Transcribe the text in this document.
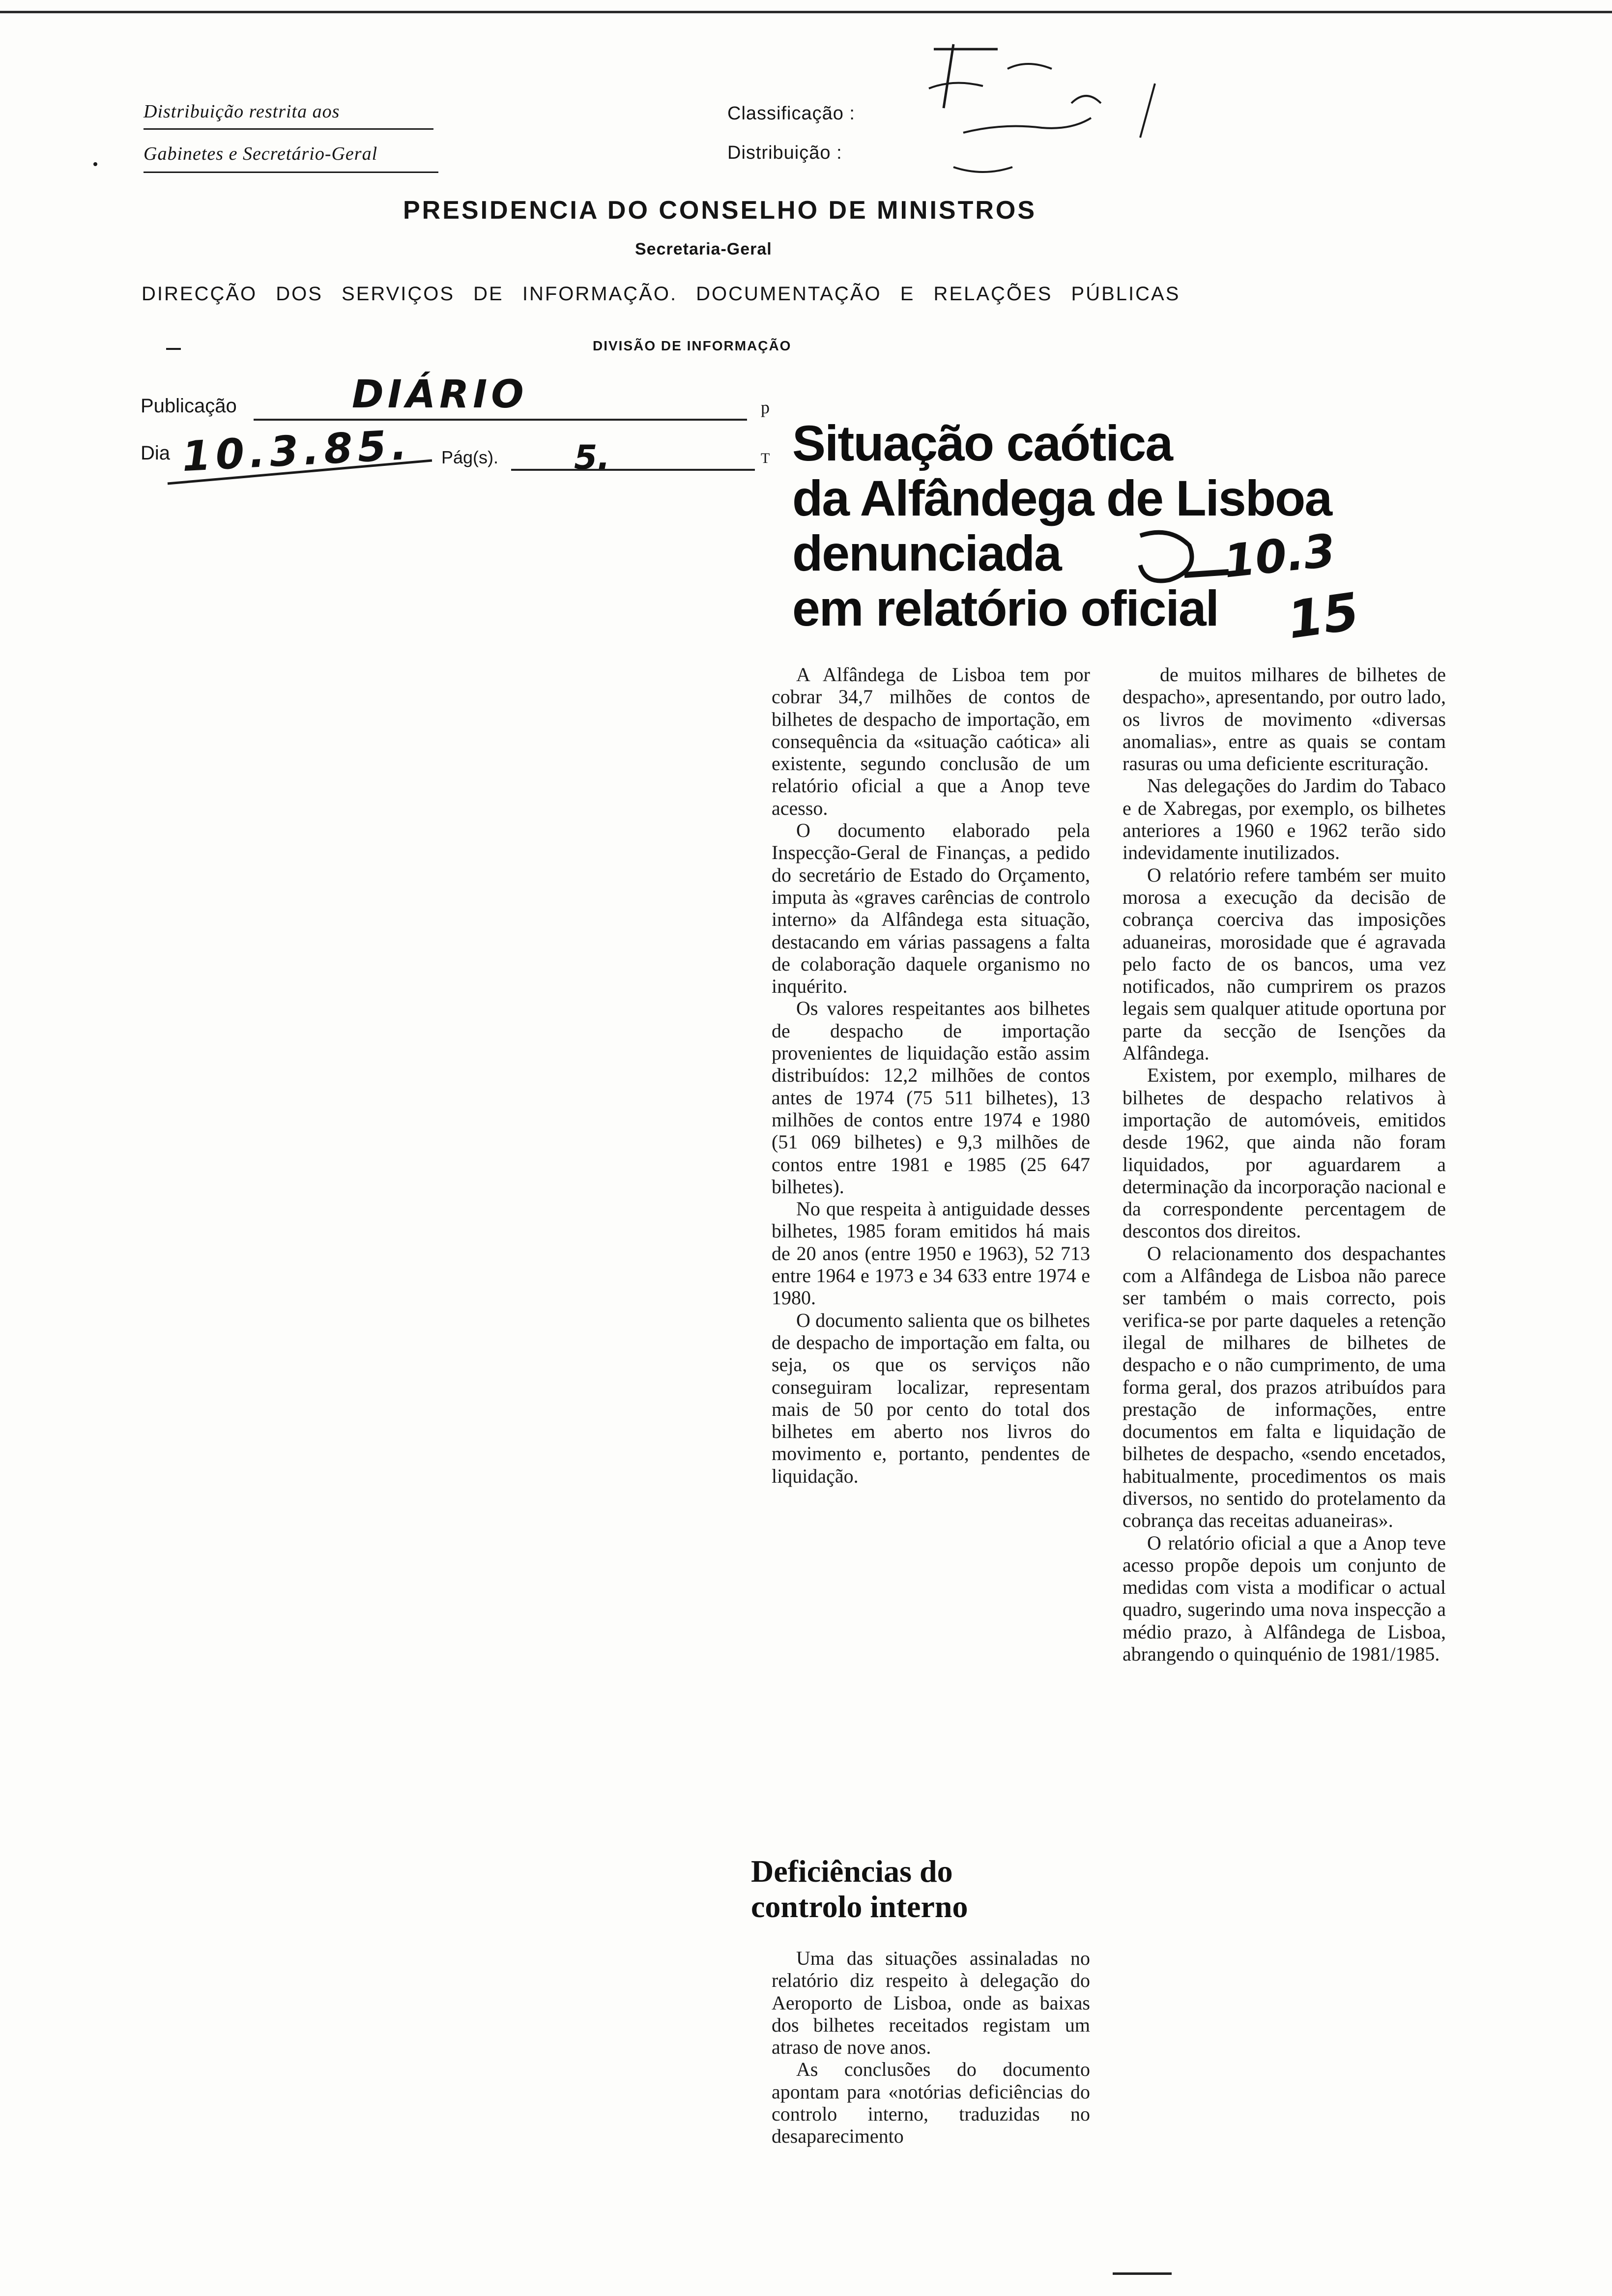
Distribuição restrita aos
Gabinetes e Secretário-Geral
Classificação :
Distribuição :
PRESIDENCIA DO CONSELHO DE MINISTROS
Secretaria-Geral
DIRECÇÃO DOS SERVIÇOS DE INFORMAÇÃO. DOCUMENTAÇÃO E RELAÇÕES PÚBLICAS
DIVISÃO DE INFORMAÇÃO
Publicação	DIÁRIO	p
Dia 10.3.85. Pág(s). 5.	T Situação caótica
da Alfândega de Lisboa
denunciada
em relatório oficial
10.3
15

A Alfândega de Lisboa tem por cobrar 34,7 milhões de contos de bilhetes de despacho de importação, em consequência da «situação caótica» ali existente, segundo conclusão de um relatório oficial a que a Anop teve acesso.

O documento elaborado pela Inspecção-Geral de Finanças, a pedido do secretário de Estado do Orçamento, imputa às «graves carências de controlo interno» da Alfândega esta situação, destacando em várias passagens a falta de colaboração daquele organismo no inquérito.

Os valores respeitantes aos bilhetes de despacho de importação provenientes de liquidação estão assim distribuídos: 12,2 milhões de contos antes de 1974 (75 511 bilhetes), 13 milhões de contos entre 1974 e 1980 (51 069 bilhetes) e 9,3 milhões de contos entre 1981 e 1985 (25 647 bilhetes).

No que respeita à antiguidade desses bilhetes, 1985 foram emitidos há mais de 20 anos (entre 1950 e 1963), 52 713 entre 1964 e 1973 e 34 633 entre 1974 e 1980.

O documento salienta que os bilhetes de despacho de importação em falta, ou seja, os que os serviços não conseguiram localizar, representam mais de 50 por cento do total dos bilhetes em aberto nos livros do movimento e, portanto, pendentes de liquidação.

Deficiências do controlo interno

Uma das situações assinaladas no relatório diz respeito à delegação do Aeroporto de Lisboa, onde as baixas dos bilhetes receitados registam um atraso de nove anos.

As conclusões do documento apontam para «notórias deficiências do controlo interno, traduzidas no desaparecimento

de muitos milhares de bilhetes de despacho», apresentando, por outro lado, os livros de movimento «diversas anomalias», entre as quais se contam rasuras ou uma deficiente escrituração.

Nas delegações do Jardim do Tabaco e de Xabregas, por exemplo, os bilhetes anteriores a 1960 e 1962 terão sido indevidamente inutilizados.

O relatório refere também ser muito morosa a execução da decisão de cobrança coerciva das imposições aduaneiras, morosidade que é agravada pelo facto de os bancos, uma vez notificados, não cumprirem os prazos legais sem qualquer atitude oportuna por parte da secção de Isenções da Alfândega.

Existem, por exemplo, milhares de bilhetes de despacho relativos à importação de automóveis, emitidos desde 1962, que ainda não foram liquidados, por aguardarem a determinação da incorporação nacional e da correspondente percentagem de descontos dos direitos.

O relacionamento dos despachantes com a Alfândega de Lisboa não parece ser também o mais correcto, pois verifica-se por parte daqueles a retenção ilegal de milhares de bilhetes de despacho e o não cumprimento, de uma forma geral, dos prazos atribuídos para prestação de informações, entre documentos em falta e liquidação de bilhetes de despacho, «sendo encetados, habitualmente, procedimentos os mais diversos, no sentido do protelamento da cobrança das receitas aduaneiras».

O relatório oficial a que a Anop teve acesso propõe depois um conjunto de medidas com vista a modificar o actual quadro, sugerindo uma nova inspecção a médio prazo, à Alfândega de Lisboa, abrangendo o quinquénio de 1981/1985.
